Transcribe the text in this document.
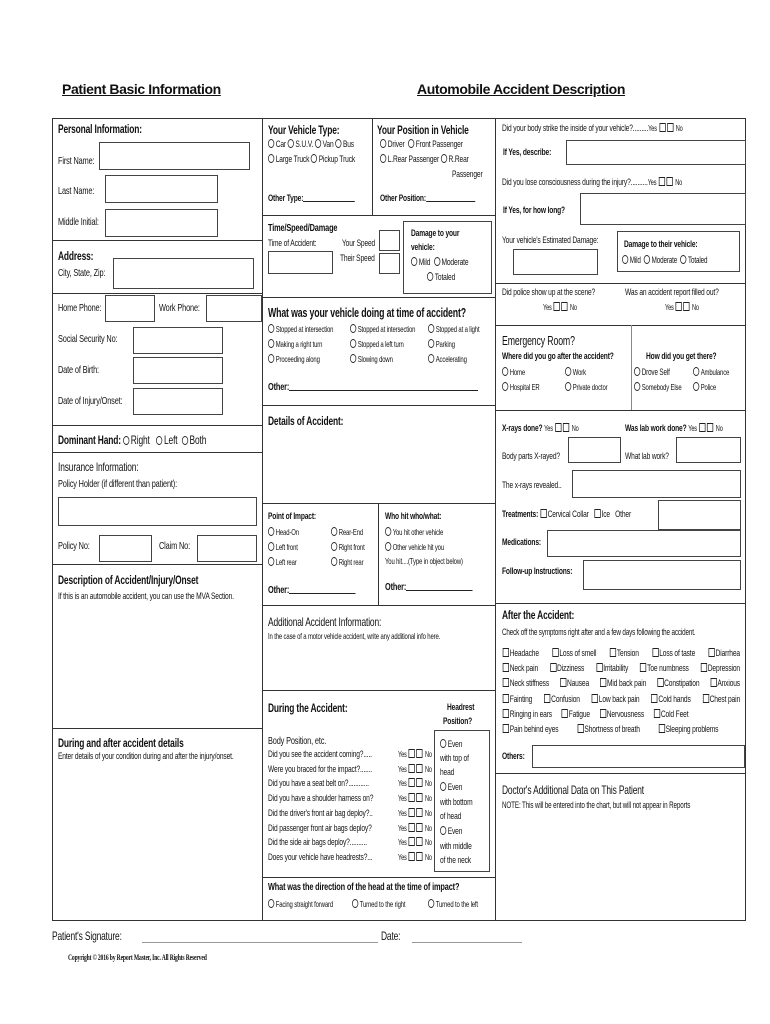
Patient Basic Information	Automobile Accident Description
Personal Information:
First Name:
Last Name:
Middle Initial:
Address:
City, State, Zip:
Home Phone:	Work Phone:
Social Security No:
Date of Birth:
Date of Injury/Onset:
Dominant Hand: Right Left Both
Insurance Information:
Policy Holder (if different than patient):
Policy No:	Claim No:
Description of Accident/Injury/Onset
If this is an automobile accident, you can use the MVA Section.
During and after accident details
Enter details of your condition during and after the injury/onset.
Your Vehicle Type:
Car S.U.V. Van Bus
Large Truck Pickup Truck
Other Type:
Your Position in Vehicle
Driver Front Passenger
L.Rear Passenger R.Rear
Passenger
Other Position:
Time/Speed/Damage
Time of Accident:	Your Speed
Their Speed
Damage to your
vehicle:
Mild Moderate
Totaled
What was your vehicle doing at time of accident?
Stopped at intersection	Stopped at intersection	Stopped at a light
Making a right turn	Stopped a left turn	Parking
Proceeding along	Slowing down	Accelerating
Other:
Details of Accident:
Point of Impact:
Head-On	Rear-End
Left front	Right front
Left rear	Right rear
Other:
Who hit who/what:
You hit other vehicle
Other vehicle hit you
You hit....(Type in object below)
Other:
Additional Accident Information:
In the case of a motor vehicle accident, write any additional info here.
During the Accident:	Headrest
Position?
Body Position, etc.
Did you see the accident coming?.....	Yes No
Were you braced for the impact?.......	Yes No
Did you have a seat belt on?............	Yes No
Did you have a shoulder harness on?	Yes No
Did the driver's front air bag deploy?..	Yes No
Did passenger front air bags deploy?	Yes No
Did the side air bags deploy?..........	Yes No
Does your vehicle have headrests?...	Yes No
Even
with top of
head
Even
with bottom
of head
Even
with middle
of the neck
What was the direction of the head at the time of impact?
Facing straight forward	Turned to the right	Turned to the left
Did your body strike the inside of your vehicle?.........Yes No
If Yes, describe:
Did you lose consciousness during the injury?..........Yes No
If Yes, for how long?
Your vehicle's Estimated Damage:	Damage to their vehicle:
Mild Moderate Totaled
Did police show up at the scene?
Yes No
Was an accident report filled out?
Yes No
Emergency Room?
Where did you go after the accident?
Home	Work
Hospital ER	Private doctor
How did you get there?
Drove Self	Ambulance
Somebody Else	Police
X-rays done? Yes No	Was lab work done? Yes No
Body parts X-rayed?	What lab work?
The x-rays revealed..
Treatments: Cervical Collar Ice Other
Medications:
Follow-up Instructions:
After the Accident:
Check off the symptoms right after and a few days following the accident.
Headache	Loss of smell	Tension	Loss of taste	Diarrhea
Neck pain	Dizziness	Irritability	Toe numbness	Depression
Neck stiffness	Nausea	Mid back pain	Constipation	Anxious
Fainting	Confusion	Low back pain	Cold hands	Chest pain
Ringing in ears	Fatigue	Nervousness	Cold Feet
Pain behind eyes	Shortness of breath	Sleeping problems
Others:
Doctor's Additional Data on This Patient
NOTE: This will be entered into the chart, but will not appear in Reports
Patient's Signature:	Date:
Copyright © 2016 by Report Master, Inc. All Rights Reserved
